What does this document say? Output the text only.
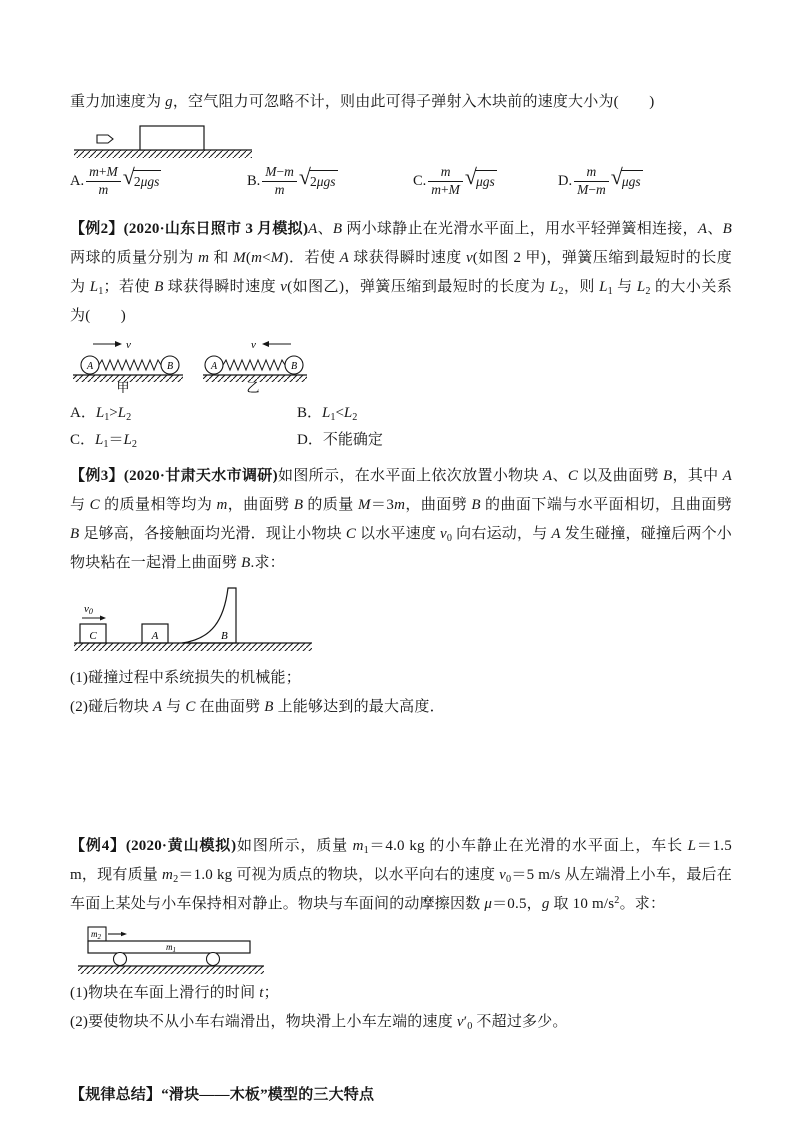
重力加速度为 g，空气阻力可忽略不计，则由此可得子弹射入木块前的速度大小为(　　)
A. $\frac{m+M}{m}$ √ 2μgs	B. $\frac{M-m}{m}$ √ 2μgs	C. $\frac{m}{m+M}$ √ μgs	D. $\frac{m}{M-m}$ √ μgs
【例2】(2020·山东日照市 3 月模拟)A、B 两小球静止在光滑水平面上，用水平轻弹簧相连接，A、B 两球的质量分别为 m 和 M(m<M)．若使 A 球获得瞬时速度 v(如图 2 甲)，弹簧压缩到最短时的长度为 $L_1$；若使 B 球获得瞬时速度 v(如图乙)，弹簧压缩到最短时的长度为 $L_2$，则 $L_1$ 与 $L_2$ 的大小关系为(　　)
v
A	B
甲
v
A	B
乙
A．$L_1>L_2$	B．$L_1<L_2$
C．$L_1=L_2$	D．不能确定
【例3】(2020·甘肃天水市调研)如图所示，在水平面上依次放置小物块 A、C 以及曲面劈 B，其中 A 与 C 的质量相等均为 m，曲面劈 B 的质量 M＝3m，曲面劈 B 的曲面下端与水平面相切，且曲面劈 B 足够高，各接触面均光滑．现让小物块 C 以水平速度 $v_0$ 向右运动，与 A 发生碰撞，碰撞后两个小物块粘在一起滑上曲面劈 B.求：
v0
C	A	B
(1)碰撞过程中系统损失的机械能；
(2)碰后物块 A 与 C 在曲面劈 B 上能够达到的最大高度．
【例4】(2020·黄山模拟)如图所示，质量 $m_1=4.0$ kg 的小车静止在光滑的水平面上，车长 L＝1.5 m，现有质量 $m_2=1.0$ kg 可视为质点的物块，以水平向右的速度 $v_0=5$ m/s 从左端滑上小车，最后在车面上某处与小车保持相对静止。物块与车面间的动摩擦因数 μ＝0.5，g 取 10 $m/s^2$。求：
$m_2$
$m_1$
(1)物块在车面上滑行的时间 t；
(2)要使物块不从小车右端滑出，物块滑上小车左端的速度 $v'_0$ 不超过多少。
【规律总结】“滑块——木板”模型的三大特点
